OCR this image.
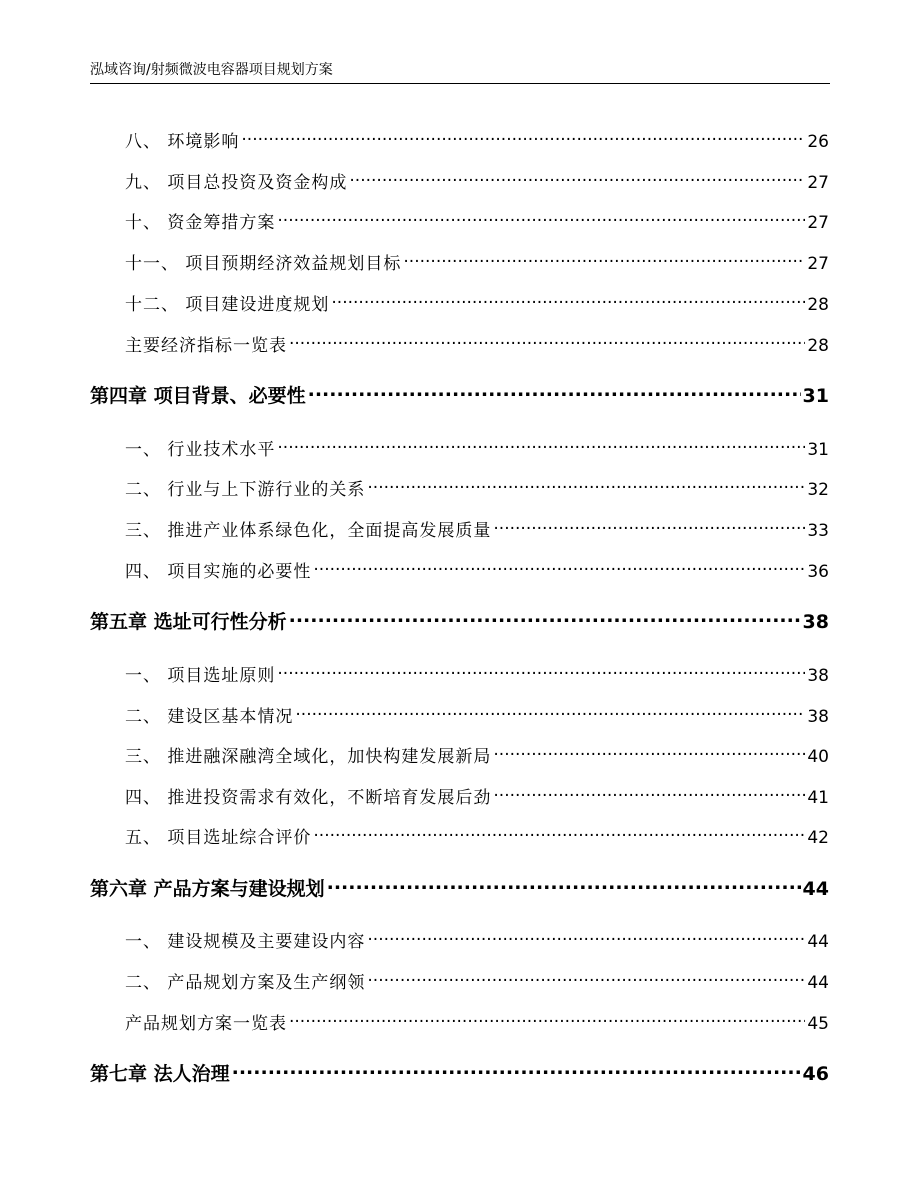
泓域咨询/射频微波电容器项目规划方案
八、 环境影响 .....	26
九、 项目总投资及资金构成 .....	27
十、 资金筹措方案 .....	27
十一、 项目预期经济效益规划目标 .....	27
十二、 项目建设进度规划 .....	28
主要经济指标一览表 .....	28
第四章 项目背景、必要性 .....	31
一、 行业技术水平 .....	31
二、 行业与上下游行业的关系 .....	32
三、 推进产业体系绿色化，全面提高发展质量 .....	33
四、 项目实施的必要性 .....	36
第五章 选址可行性分析 .....	38
一、 项目选址原则 .....	38
二、 建设区基本情况 .....	38
三、 推进融深融湾全域化，加快构建发展新局 .....	40
四、 推进投资需求有效化，不断培育发展后劲 .....	41
五、 项目选址综合评价 .....	42
第六章 产品方案与建设规划 .....	44
一、 建设规模及主要建设内容 .....	44
二、 产品规划方案及生产纲领 .....	44
产品规划方案一览表 .....	45
第七章 法人治理 .....	46
